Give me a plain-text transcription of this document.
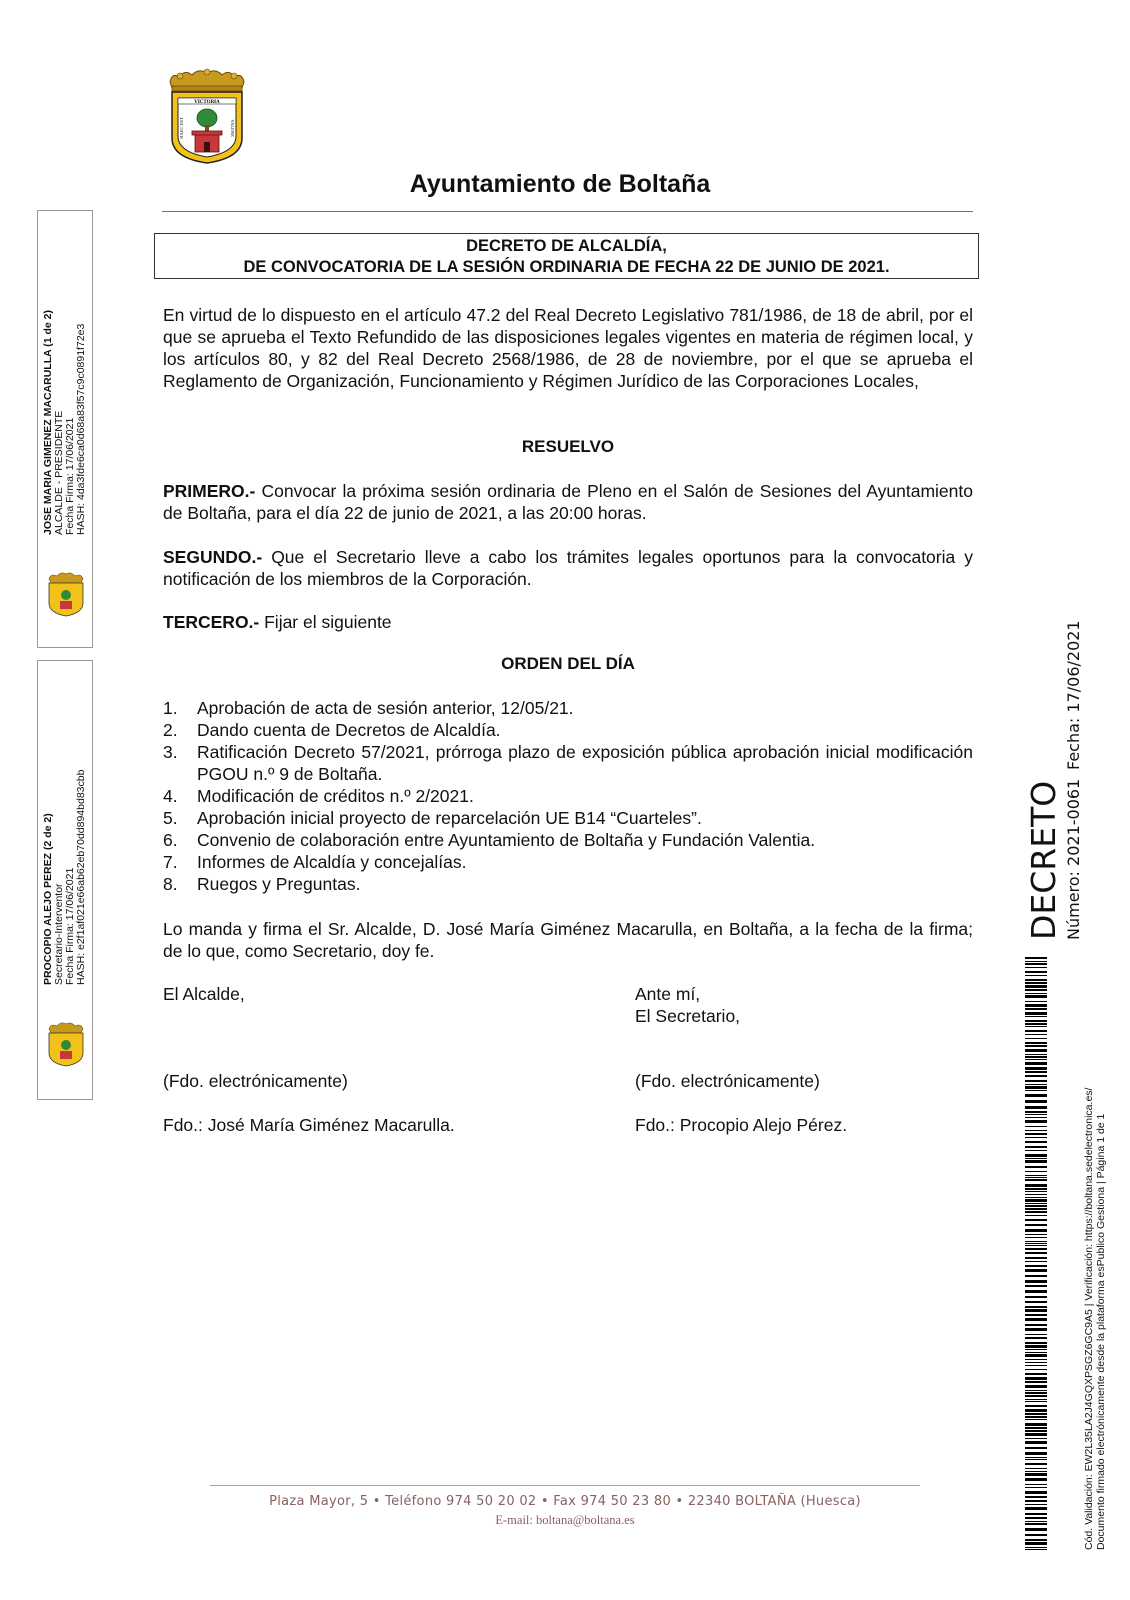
VICTORIA
HAEC EST	VALENS
Ayuntamiento de Boltaña
DECRETO DE ALCALDÍA,
DE CONVOCATORIA DE LA SESIÓN ORDINARIA DE FECHA 22 DE JUNIO DE 2021.
En virtud de lo dispuesto en el artículo 47.2 del Real Decreto Legislativo 781/1986, de 18 de abril, por el que se aprueba el Texto Refundido de las disposiciones legales vigentes en materia de régimen local, y los artículos 80, y 82 del Real Decreto 2568/1986, de 28 de noviembre, por el que se aprueba el Reglamento de Organización, Funcionamiento y Régimen Jurídico de las Corporaciones Locales,
RESUELVO
PRIMERO.- Convocar la próxima sesión ordinaria de Pleno en el Salón de Sesiones del Ayuntamiento de Boltaña, para el día 22 de junio de 2021, a las 20:00 horas.
SEGUNDO.- Que el Secretario lleve a cabo los trámites legales oportunos para la convocatoria y notificación de los miembros de la Corporación.
TERCERO.- Fijar el siguiente
ORDEN DEL DÍA
1.	Aprobación de acta de sesión anterior, 12/05/21.
2.	Dando cuenta de Decretos de Alcaldía.
3.	Ratificación Decreto 57/2021, prórroga plazo de exposición pública aprobación inicial modificación PGOU n.º 9 de Boltaña.
4.	Modificación de créditos n.º 2/2021.
5.	Aprobación inicial proyecto de reparcelación UE B14 “Cuarteles”.
6.	Convenio de colaboración entre Ayuntamiento de Boltaña y Fundación Valentia.
7.	Informes de Alcaldía y concejalías.
8.	Ruegos y Preguntas.
Lo manda y firma el Sr. Alcalde, D. José María Giménez Macarulla, en Boltaña, a la fecha de la firma; de lo que, como Secretario, doy fe.
El Alcalde,	Ante mí,
El Secretario,
(Fdo. electrónicamente)	(Fdo. electrónicamente)
Fdo.: José María Giménez Macarulla.	Fdo.: Procopio Alejo Pérez.
JOSE MARIA GIMENEZ MACARULLA (1 de 2) ALCALDE - PRESIDENTE Fecha Firma: 17/06/2021 HASH: 4da3fde6ca0d68a83f57c9c0891f72e3
PROCOPIO ALEJO PEREZ (2 de 2) Secretario-Interventor Fecha Firma: 17/06/2021 HASH: e2f1af021e66ab62eb70dd894bd83cbb	DECRETO Número: 2021-0061
Fecha: 17/06/2021
Cód. Validación: EW2L35LA2J4GQXPSGZ6GC9A5 | Verificación: https://boltana.sedelectronica.es/ Documento firmado electrónicamente desde la plataforma esPublico Gestiona | Página 1 de 1
Plaza Mayor, 5 • Teléfono 974 50 20 02 • Fax 974 50 23 80 • 22340 BOLTAÑA (Huesca)
E-mail: boltana@boltana.es
